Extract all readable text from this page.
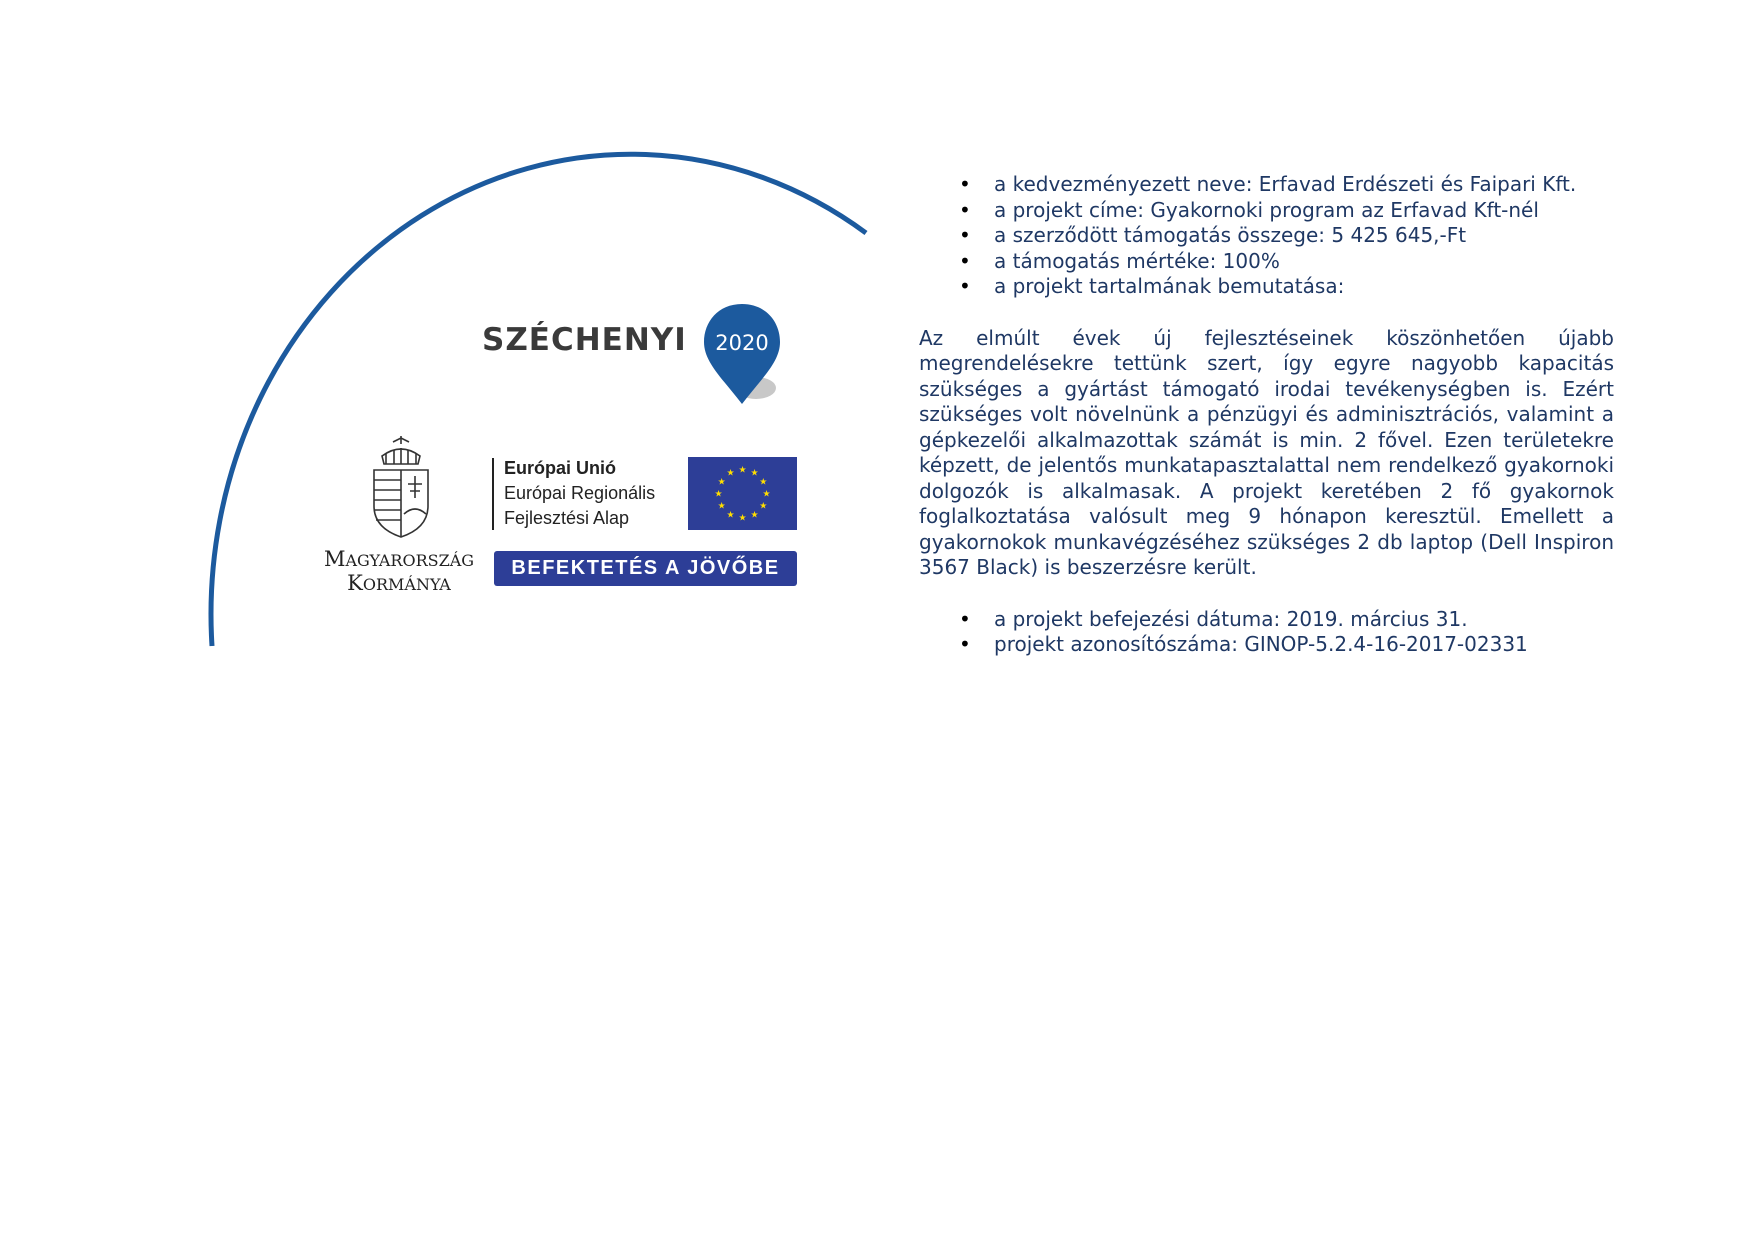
SZÉCHENYI 2020
MAGYARORSZÁG
KORMÁNYA
Európai Unió
Európai Regionális
Fejlesztési Alap
★
★
★
★
★
★
★
★
★ ★ ★
★
BEFEKTETÉS A JÖVŐBE
• a kedvezményezett neve: Erfavad Erdészeti és Faipari Kft.
• a projekt címe: Gyakornoki program az Erfavad Kft-nél
• a szerződött támogatás összege: 5 425 645,-Ft
• a támogatás mértéke: 100%
• a projekt tartalmának bemutatása:
Az elmúlt évek új fejlesztéseinek köszönhetően újabb megrendelésekre tettünk szert, így egyre nagyobb kapacitás szükséges a gyártást támogató irodai tevékenységben is. Ezért szükséges volt növelnünk a pénzügyi és adminisztrációs, valamint a gépkezelői alkalmazottak számát is min. 2 fővel. Ezen területekre képzett, de jelentős munkatapasztalattal nem rendelkező gyakornoki dolgozók is alkalmasak. A projekt keretében 2 fő gyakornok foglalkoztatása valósult meg 9 hónapon keresztül. Emellett a gyakornokok munkavégzéséhez szükséges 2 db laptop (Dell Inspiron 3567 Black) is beszerzésre került.
• a projekt befejezési dátuma: 2019. március 31.
• projekt azonosítószáma: GINOP-5.2.4-16-2017-02331
